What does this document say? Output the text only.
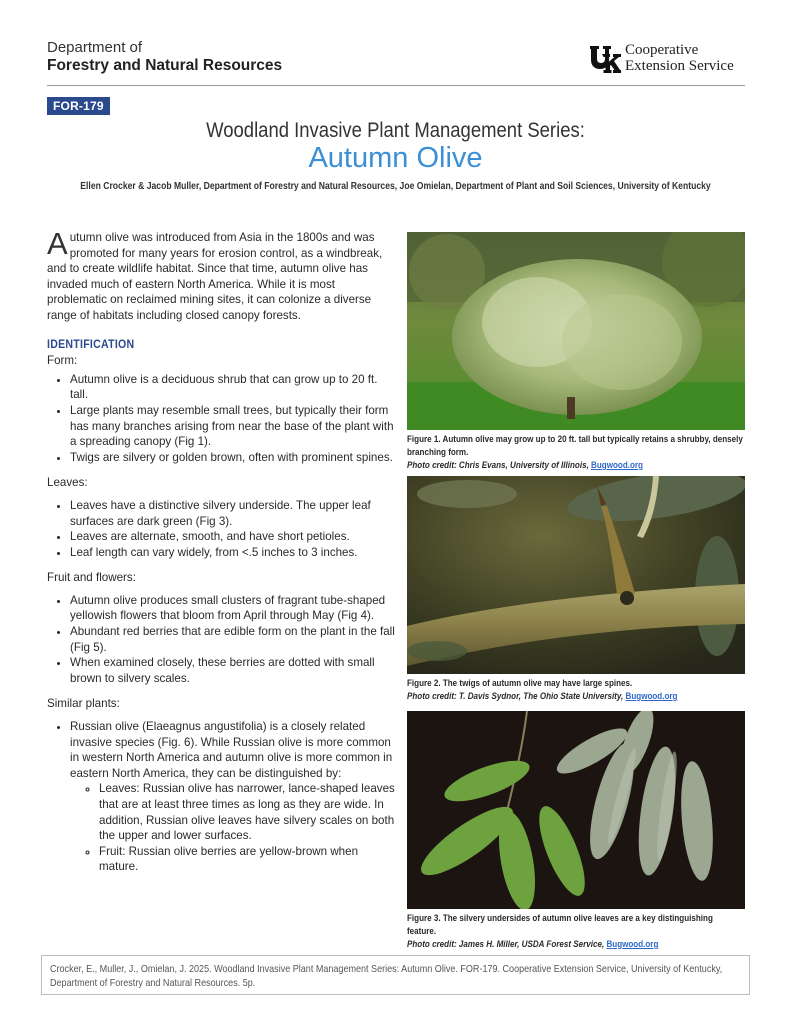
Department of
Forestry and Natural Resources
Cooperative
Extension Service
FOR-179
Woodland Invasive Plant Management Series:
Autumn Olive
Ellen Crocker & Jacob Muller, Department of Forestry and Natural Resources, Joe Omielan, Department of Plant and Soil Sciences, University of Kentucky

Autumn olive was introduced from Asia in the 1800s and was promoted for many years for erosion control, as a windbreak, and to create wildlife habitat. Since that time, autumn olive has invaded much of eastern North America. While it is most problematic on reclaimed mining sites, it can colonize a diverse range of habitats including closed canopy forests.

IDENTIFICATION
Form:
• Autumn olive is a deciduous shrub that can grow up to 20 ft. tall.
• Large plants may resemble small trees, but typically their form has many branches arising from near the base of the plant with a spreading canopy (Fig 1).
• Twigs are silvery or golden brown, often with prominent spines.
Leaves:
• Leaves have a distinctive silvery underside. The upper leaf surfaces are dark green (Fig 3).
• Leaves are alternate, smooth, and have short petioles.
• Leaf length can vary widely, from <.5 inches to 3 inches.
Fruit and flowers:
• Autumn olive produces small clusters of fragrant tube-shaped yellowish flowers that bloom from April through May (Fig 4).
• Abundant red berries that are edible form on the plant in the fall (Fig 5).
• When examined closely, these berries are dotted with small brown to silvery scales.
Similar plants:
• Russian olive (Elaeagnus angustifolia) is a closely related invasive species (Fig. 6). While Russian olive is more common in western North America and autumn olive is more common in eastern North America, they can be distinguished by:
◦ Leaves: Russian olive has narrower, lance-shaped leaves that are at least three times as long as they are wide. In addition, Russian olive leaves have silvery scales on both the upper and lower surfaces.
◦ Fruit: Russian olive berries are yellow-brown when mature.
Figure 1. Autumn olive may grow up to 20 ft. tall but typically retains a shrubby, densely branching form.
Photo credit: Chris Evans, University of Illinois, Bugwood.org
Figure 2. The twigs of autumn olive may have large spines.
Photo credit: T. Davis Sydnor, The Ohio State University, Bugwood.org
Figure 3. The silvery undersides of autumn olive leaves are a key distinguishing feature.
Photo credit: James H. Miller, USDA Forest Service, Bugwood.org
Crocker, E., Muller, J., Omielan, J. 2025. Woodland Invasive Plant Management Series: Autumn Olive. FOR-179. Cooperative Extension Service, University of Kentucky, Department of Forestry and Natural Resources. 5p.
